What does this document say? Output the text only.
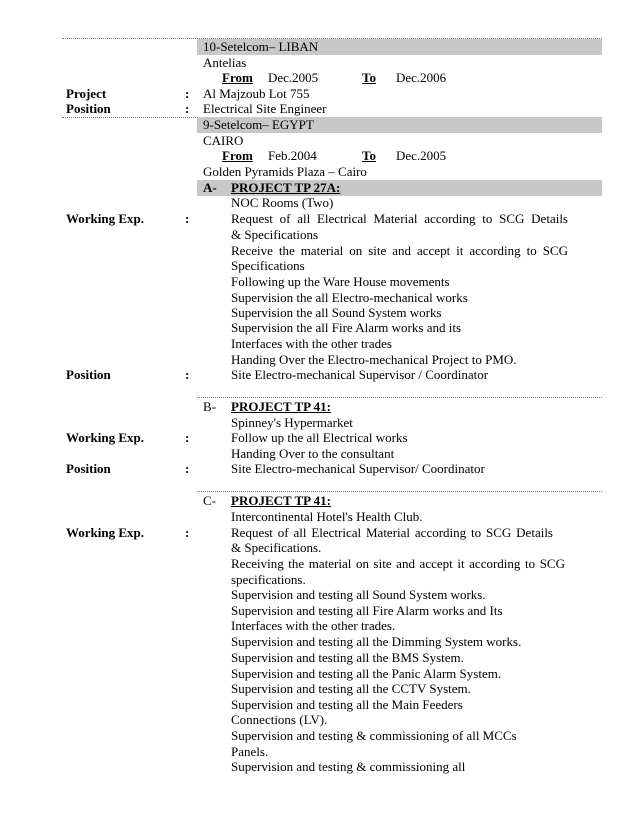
10-Setelcom– LIBAN
Antelias
From Dec.2005	To Dec.2006
Project	: Al Majzoub Lot 755
Position	: Electrical Site Engineer
9-Setelcom– EGYPT
CAIRO
From Feb.2004	To Dec.2005
Golden Pyramids Plaza – Cairo
A- PROJECT TP 27A:
NOC Rooms (Two)
Working Exp.	:	Request of all Electrical Material according to SCG Details
& Specifications
Receive the material on site and accept it according to SCG
Specifications
Following up the Ware House movements
Supervision the all Electro-mechanical works
Supervision the all Sound System works
Supervision the all Fire Alarm works and its
Interfaces with the other trades
Handing Over the Electro-mechanical Project to PMO.
Position	:	Site Electro-mechanical Supervisor / Coordinator
B- PROJECT TP 41:
Spinney's Hypermarket
Working Exp.	:	Follow up the all Electrical works
Handing Over to the consultant
Position	:	Site Electro-mechanical Supervisor/ Coordinator
C- PROJECT TP 41:
Intercontinental Hotel's Health Club.
Working Exp.	:	Request of all Electrical Material according to SCG Details
& Specifications.
Receiving the material on site and accept it according to SCG
specifications.
Supervision and testing all Sound System works.
Supervision and testing all Fire Alarm works and Its
Interfaces with the other trades.
Supervision and testing all the Dimming System works.
Supervision and testing all the BMS System.
Supervision and testing all the Panic Alarm System.
Supervision and testing all the CCTV System.
Supervision and testing all the Main Feeders
Connections (LV).
Supervision and testing & commissioning of all MCCs
Panels.
Supervision and testing & commissioning all
